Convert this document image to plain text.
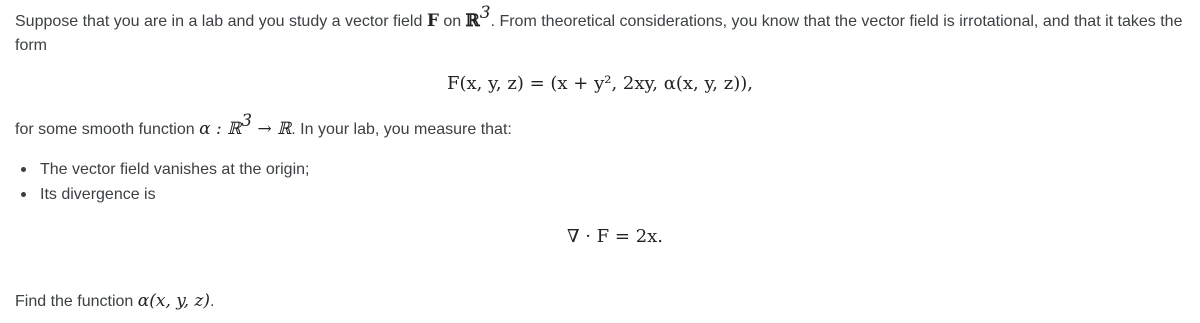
Suppose that you are in a lab and you study a vector field F on ℝ$^3$. From theoretical considerations, you know that the vector field is irrotational, and that it takes the form

F(x, y, z) = (x + y², 2xy, α(x, y, z)),

for some smooth function α : ℝ$^3$ → ℝ. In your lab, you measure that:

The vector field vanishes at the origin;
Its divergence is
∇ · F = 2x.

Find the function α(x, y, z).
